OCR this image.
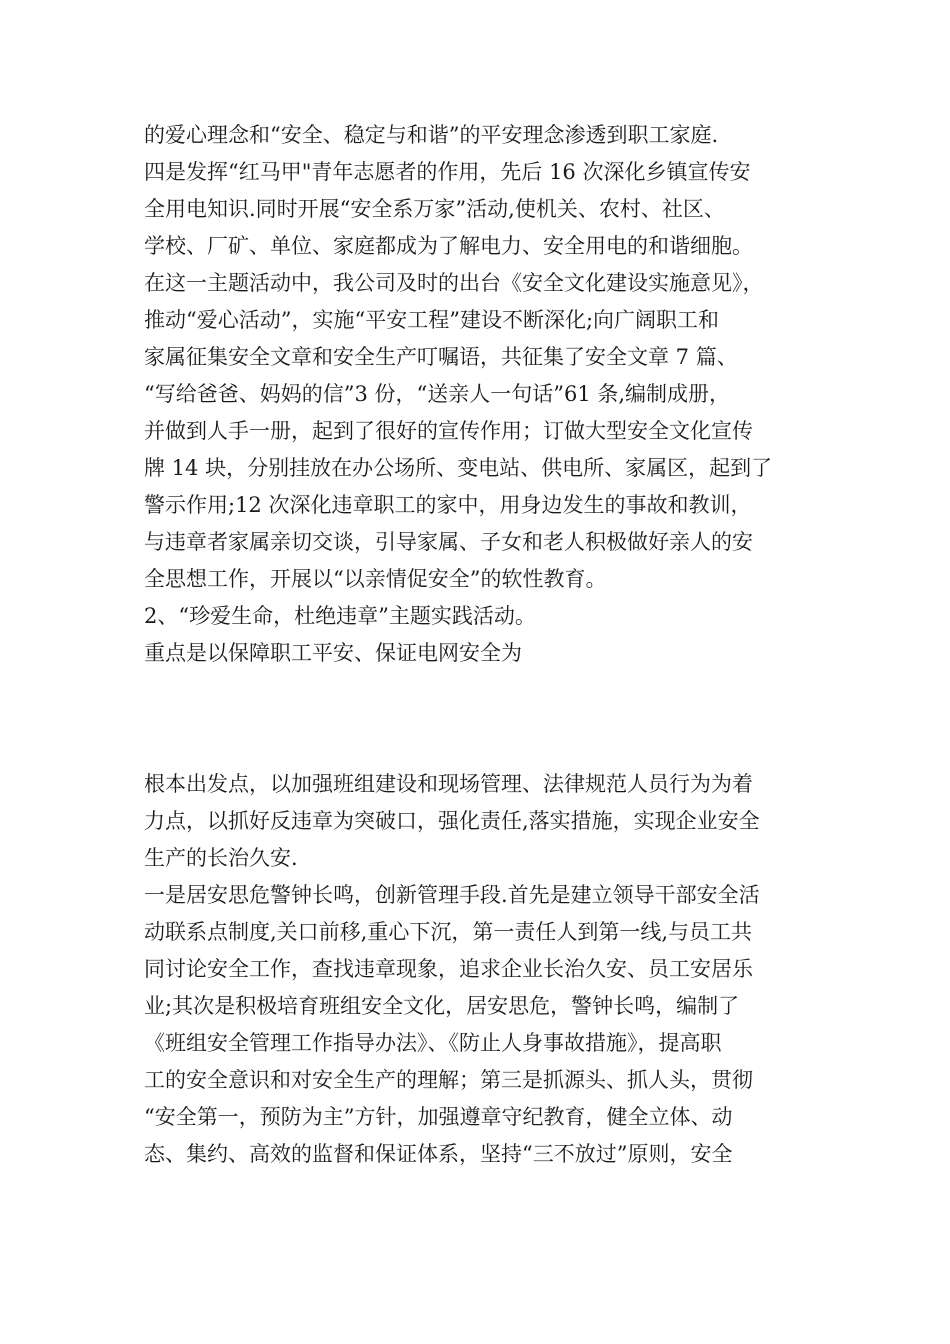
的爱心理念和“安全、稳定与和谐”的平安理念渗透到职工家庭.
四是发挥“红马甲"青年志愿者的作用，先后 16 次深化乡镇宣传安
全用电知识.同时开展“安全系万家”活动,使机关、农村、社区、
学校、厂矿、单位、家庭都成为了解电力、安全用电的和谐细胞。
在这一主题活动中，我公司及时的出台《安全文化建设实施意见》，
推动“爱心活动”，实施“平安工程”建设不断深化;向广阔职工和
家属征集安全文章和安全生产叮嘱语，共征集了安全文章 7 篇、
“写给爸爸、妈妈的信”3 份，“送亲人一句话”61 条,编制成册，
并做到人手一册，起到了很好的宣传作用；订做大型安全文化宣传
牌 14 块，分别挂放在办公场所、变电站、供电所、家属区，起到了
警示作用;12 次深化违章职工的家中，用身边发生的事故和教训，
与违章者家属亲切交谈，引导家属、子女和老人积极做好亲人的安
全思想工作，开展以“以亲情促安全”的软性教育。
2、“珍爱生命，杜绝违章”主题实践活动。
重点是以保障职工平安、保证电网安全为
根本出发点，以加强班组建设和现场管理、法律规范人员行为为着
力点，以抓好反违章为突破口，强化责任,落实措施，实现企业安全
生产的长治久安.
一是居安思危警钟长鸣，创新管理手段.首先是建立领导干部安全活
动联系点制度,关口前移,重心下沉，第一责任人到第一线,与员工共
同讨论安全工作，查找违章现象，追求企业长治久安、员工安居乐
业;其次是积极培育班组安全文化，居安思危，警钟长鸣，编制了
《班组安全管理工作指导办法》、《防止人身事故措施》，提高职
工的安全意识和对安全生产的理解；第三是抓源头、抓人头，贯彻
“安全第一，预防为主”方针，加强遵章守纪教育，健全立体、动
态、集约、高效的监督和保证体系，坚持“三不放过”原则，安全
